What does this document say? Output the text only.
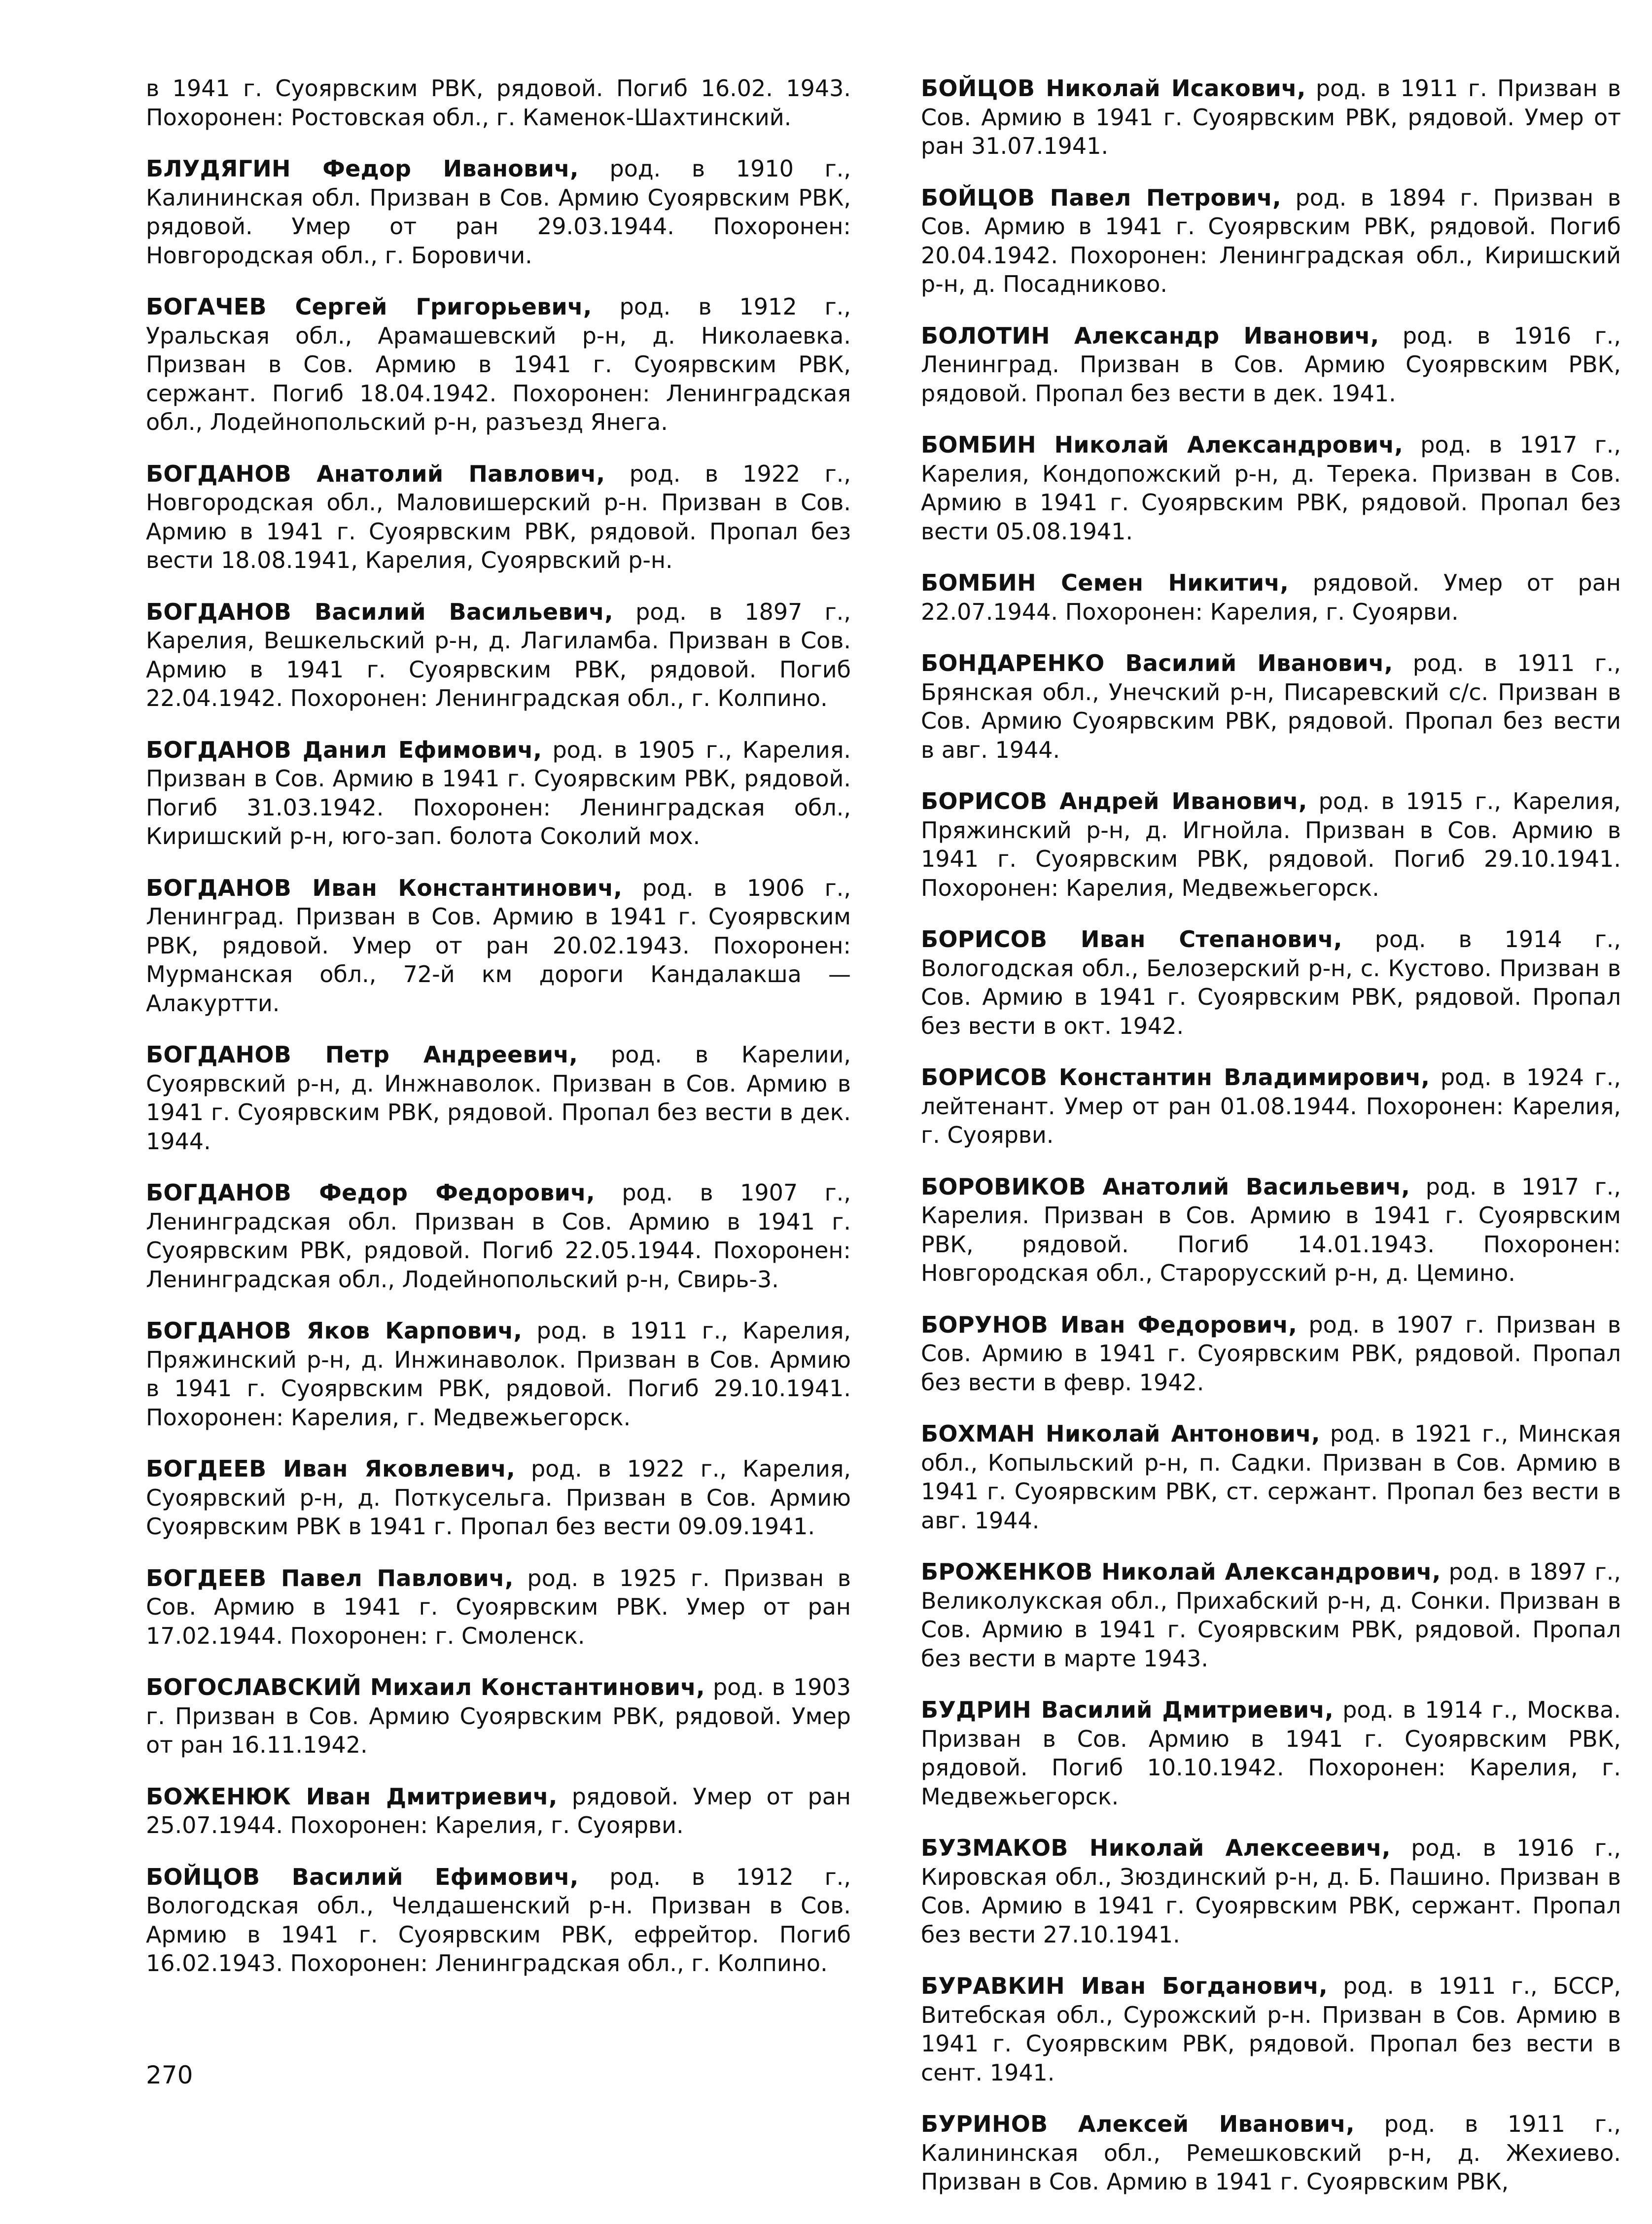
в 1941 г. Суоярвским РВК, рядовой. Погиб 16.02. 1943. Похоронен: Ростовская обл., г. Каменок-Шахтинский.

БЛУДЯГИН Федор Иванович, род. в 1910 г., Калининская обл. Призван в Сов. Армию Суоярвским РВК, рядовой. Умер от ран 29.03.1944. Похоронен: Новгородская обл., г. Боровичи.

БОГАЧЕВ Сергей Григорьевич, род. в 1912 г., Уральская обл., Арамашевский р-н, д. Николаевка. Призван в Сов. Армию в 1941 г. Суоярвским РВК, сержант. Погиб 18.04.1942. Похоронен: Ленинградская обл., Лодейнопольский р-н, разъезд Янега.

БОГДАНОВ Анатолий Павлович, род. в 1922 г., Новгородская обл., Маловишерский р-н. Призван в Сов. Армию в 1941 г. Суоярвским РВК, рядовой. Пропал без вести 18.08.1941, Карелия, Суоярвский р-н.

БОГДАНОВ Василий Васильевич, род. в 1897 г., Карелия, Вешкельский р-н, д. Лагиламба. Призван в Сов. Армию в 1941 г. Суоярвским РВК, рядовой. Погиб 22.04.1942. Похоронен: Ленинградская обл., г. Колпино.

БОГДАНОВ Данил Ефимович, род. в 1905 г., Карелия. Призван в Сов. Армию в 1941 г. Суоярвским РВК, рядовой. Погиб 31.03.1942. Похоронен: Ленинградская обл., Киришский р-н, юго-зап. болота Соколий мох.

БОГДАНОВ Иван Константинович, род. в 1906 г., Ленинград. Призван в Сов. Армию в 1941 г. Суоярвским РВК, рядовой. Умер от ран 20.02.1943. Похоронен: Мурманская обл., 72-й км дороги Кандалакша — Алакуртти.

БОГДАНОВ Петр Андреевич, род. в Карелии, Суоярвский р-н, д. Инжнаволок. Призван в Сов. Армию в 1941 г. Суоярвским РВК, рядовой. Пропал без вести в дек. 1944.

БОГДАНОВ Федор Федорович, род. в 1907 г., Ленинградская обл. Призван в Сов. Армию в 1941 г. Суоярвским РВК, рядовой. Погиб 22.05.1944. Похоронен: Ленинградская обл., Лодейнопольский р-н, Свирь-3.

БОГДАНОВ Яков Карпович, род. в 1911 г., Карелия, Пряжинский р-н, д. Инжинаволок. Призван в Сов. Армию в 1941 г. Суоярвским РВК, рядовой. Погиб 29.10.1941. Похоронен: Карелия, г. Медвежьегорск.

БОГДЕЕВ Иван Яковлевич, род. в 1922 г., Карелия, Суоярвский р-н, д. Поткусельга. Призван в Сов. Армию Суоярвским РВК в 1941 г. Пропал без вести 09.09.1941.

БОГДЕЕВ Павел Павлович, род. в 1925 г. Призван в Сов. Армию в 1941 г. Суоярвским РВК. Умер от ран 17.02.1944. Похоронен: г. Смоленск.

БОГОСЛАВСКИЙ Михаил Константинович, род. в 1903 г. Призван в Сов. Армию Суоярвским РВК, рядовой. Умер от ран 16.11.1942.

БОЖЕНЮК Иван Дмитриевич, рядовой. Умер от ран 25.07.1944. Похоронен: Карелия, г. Суоярви.

БОЙЦОВ Василий Ефимович, род. в 1912 г., Вологодская обл., Челдашенский р-н. Призван в Сов. Армию в 1941 г. Суоярвским РВК, ефрейтор. Погиб 16.02.1943. Похоронен: Ленинградская обл., г. Колпино.

БОЙЦОВ Николай Исакович, род. в 1911 г. Призван в Сов. Армию в 1941 г. Суоярвским РВК, рядовой. Умер от ран 31.07.1941.

БОЙЦОВ Павел Петрович, род. в 1894 г. Призван в Сов. Армию в 1941 г. Суоярвским РВК, рядовой. Погиб 20.04.1942. Похоронен: Ленинградская обл., Киришский р-н, д. Посадниково.

БОЛОТИН Александр Иванович, род. в 1916 г., Ленинград. Призван в Сов. Армию Суоярвским РВК, рядовой. Пропал без вести в дек. 1941.

БОМБИН Николай Александрович, род. в 1917 г., Карелия, Кондопожский р-н, д. Терека. Призван в Сов. Армию в 1941 г. Суоярвским РВК, рядовой. Пропал без вести 05.08.1941.

БОМБИН Семен Никитич, рядовой. Умер от ран 22.07.1944. Похоронен: Карелия, г. Суоярви.

БОНДАРЕНКО Василий Иванович, род. в 1911 г., Брянская обл., Унечский р-н, Писаревский с/с. Призван в Сов. Армию Суоярвским РВК, рядовой. Пропал без вести в авг. 1944.

БОРИСОВ Андрей Иванович, род. в 1915 г., Карелия, Пряжинский р-н, д. Игнойла. Призван в Сов. Армию в 1941 г. Суоярвским РВК, рядовой. Погиб 29.10.1941. Похоронен: Карелия, Медвежьегорск.

БОРИСОВ Иван Степанович, род. в 1914 г., Вологодская обл., Белозерский р-н, с. Кустово. Призван в Сов. Армию в 1941 г. Суоярвским РВК, рядовой. Пропал без вести в окт. 1942.

БОРИСОВ Константин Владимирович, род. в 1924 г., лейтенант. Умер от ран 01.08.1944. Похоронен: Карелия, г. Суоярви.

БОРОВИКОВ Анатолий Васильевич, род. в 1917 г., Карелия. Призван в Сов. Армию в 1941 г. Суоярвским РВК, рядовой. Погиб 14.01.1943. Похоронен: Новгородская обл., Старорусский р-н, д. Цемино.

БОРУНОВ Иван Федорович, род. в 1907 г. Призван в Сов. Армию в 1941 г. Суоярвским РВК, рядовой. Пропал без вести в февр. 1942.

БОХМАН Николай Антонович, род. в 1921 г., Минская обл., Копыльский р-н, п. Садки. Призван в Сов. Армию в 1941 г. Суоярвским РВК, ст. сержант. Пропал без вести в авг. 1944.

БРОЖЕНКОВ Николай Александрович, род. в 1897 г., Великолукская обл., Прихабский р-н, д. Сонки. Призван в Сов. Армию в 1941 г. Суоярвским РВК, рядовой. Пропал без вести в марте 1943.

БУДРИН Василий Дмитриевич, род. в 1914 г., Москва. Призван в Сов. Армию в 1941 г. Суоярвским РВК, рядовой. Погиб 10.10.1942. Похоронен: Карелия, г. Медвежьегорск.

БУЗМАКОВ Николай Алексеевич, род. в 1916 г., Кировская обл., Зюздинский р-н, д. Б. Пашино. Призван в Сов. Армию в 1941 г. Суоярвским РВК, сержант. Пропал без вести 27.10.1941.

БУРАВКИН Иван Богданович, род. в 1911 г., БССР, Витебская обл., Сурожский р-н. Призван в Сов. Армию в 1941 г. Суоярвским РВК, рядовой. Пропал без вести в сент. 1941.

БУРИНОВ Алексей Иванович, род. в 1911 г., Калининская обл., Ремешковский р-н, д. Жехиево. Призван в Сов. Армию в 1941 г. Суоярвским РВК,

270
